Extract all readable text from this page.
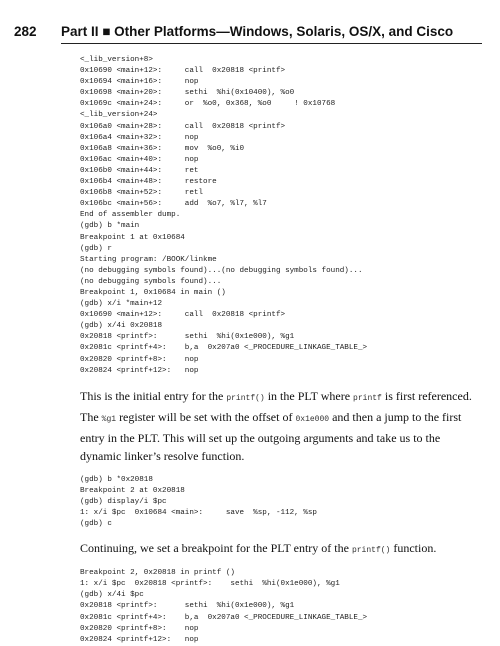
282 Part II ■ Other Platforms—Windows, Solaris, OS/X, and Cisco
<_lib_version+8>
0x10690 <main+12>:     call  0x20818 <printf>
0x10694 <main+16>:     nop
0x10698 <main+20>:     sethi  %hi(0x10400), %o0
0x1069c <main+24>:     or  %o0, 0x368, %o0     ! 0x10768
<_lib_version+24>
0x106a0 <main+28>:     call  0x20818 <printf>
0x106a4 <main+32>:     nop
0x106a8 <main+36>:     mov  %o0, %i0
0x106ac <main+40>:     nop
0x106b0 <main+44>:     ret
0x106b4 <main+48>:     restore
0x106b8 <main+52>:     retl
0x106bc <main+56>:     add  %o7, %l7, %l7
End of assembler dump.
(gdb) b *main
Breakpoint 1 at 0x10684
(gdb) r
Starting program: /BOOK/linkme
(no debugging symbols found)...(no debugging symbols found)...
(no debugging symbols found)...
Breakpoint 1, 0x10684 in main ()
(gdb) x/i *main+12
0x10690 <main+12>:     call  0x20818 <printf>
(gdb) x/4i 0x20818
0x20818 <printf>:      sethi  %hi(0x1e000), %g1
0x2081c <printf+4>:    b,a  0x207a0 <_PROCEDURE_LINKAGE_TABLE_>
0x20820 <printf+8>:    nop
0x20824 <printf+12>:   nop

This is the initial entry for the printf() in the PLT where printf is first referenced. The %g1 register will be set with the offset of 0x1e000 and then a jump to the first entry in the PLT. This will set up the outgoing arguments and take us to the dynamic linker’s resolve function.

(gdb) b *0x20818
Breakpoint 2 at 0x20818
(gdb) display/i $pc
1: x/i $pc  0x10684 <main>:     save  %sp, -112, %sp
(gdb) c

Continuing, we set a breakpoint for the PLT entry of the printf() function.

Breakpoint 2, 0x20818 in printf ()
1: x/i $pc  0x20818 <printf>:    sethi  %hi(0x1e000), %g1
(gdb) x/4i $pc
0x20818 <printf>:      sethi  %hi(0x1e000), %g1
0x2081c <printf+4>:    b,a  0x207a0 <_PROCEDURE_LINKAGE_TABLE_>
0x20820 <printf+8>:    nop
0x20824 <printf+12>:   nop
